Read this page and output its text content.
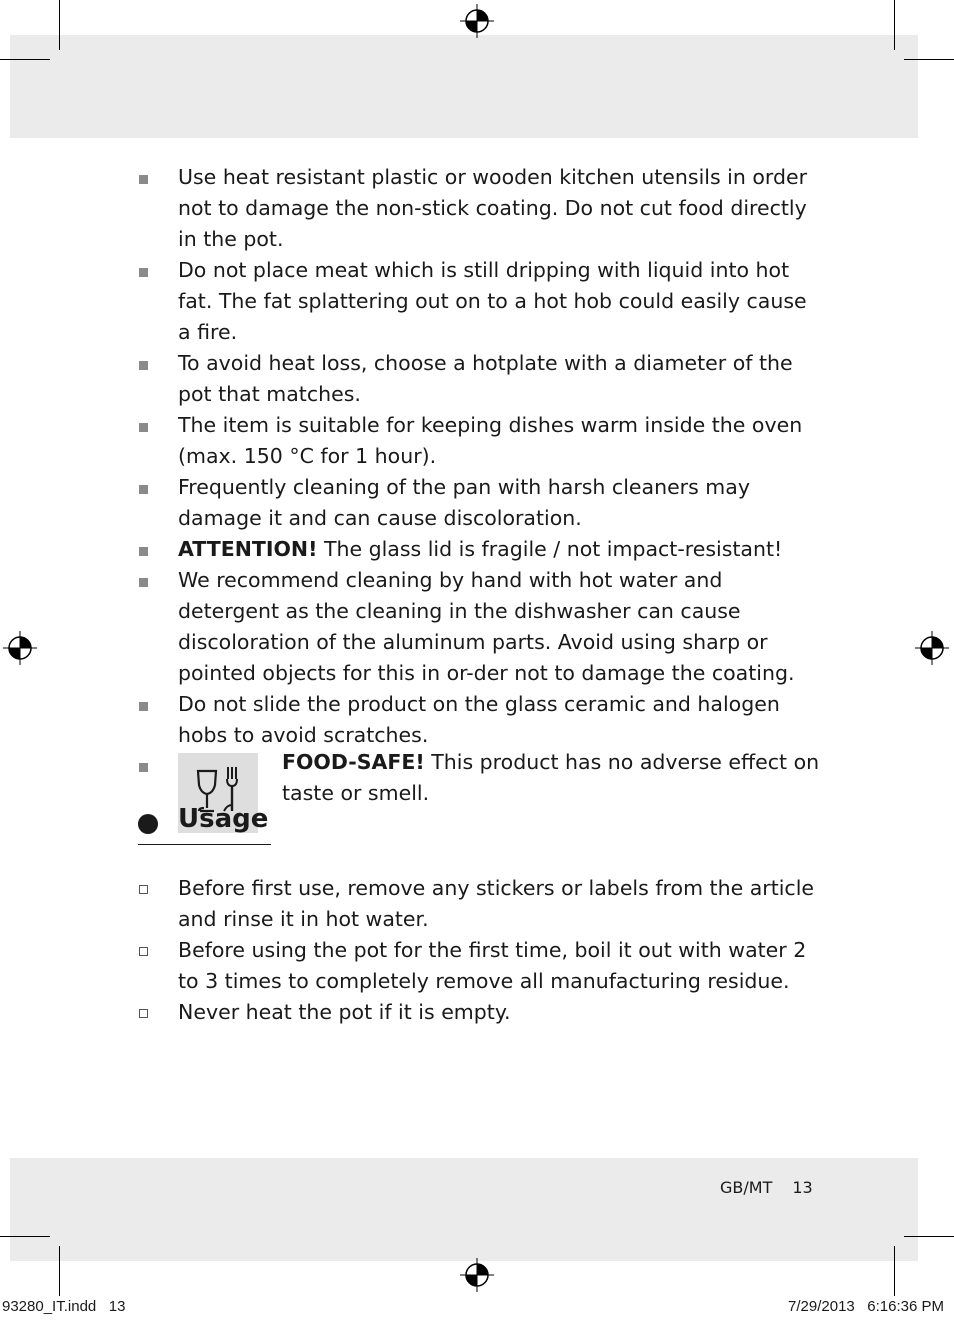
Use heat resistant plastic or wooden kitchen utensils in order not to damage the non-stick coating. Do not cut food directly in the pot.
Do not place meat which is still dripping with liquid into hot fat. The fat splattering out on to a hot hob could easily cause a fire.
To avoid heat loss, choose a hotplate with a diameter of the pot that matches.
The item is suitable for keeping dishes warm inside the oven (max. 150 °C for 1 hour).
Frequently cleaning of the pan with harsh cleaners may damage it and can cause discoloration.
ATTENTION! The glass lid is fragile / not impact-resistant!
We recommend cleaning by hand with hot water and detergent as the cleaning in the dishwasher can cause discoloration of the aluminum parts. Avoid using sharp or pointed objects for this in or-der not to damage the coating.
Do not slide the product on the glass ceramic and halogen hobs to avoid scratches.
FOOD-SAFE! This product has no adverse effect on taste or smell.
Usage
Before first use, remove any stickers or labels from the article and rinse it in hot water.
Before using the pot for the first time, boil it out with water 2 to 3 times to completely remove all manufacturing residue.
Never heat the pot if it is empty.
GB/MT 13
93280_IT.indd   13	7/29/2013   6:16:36 PM
